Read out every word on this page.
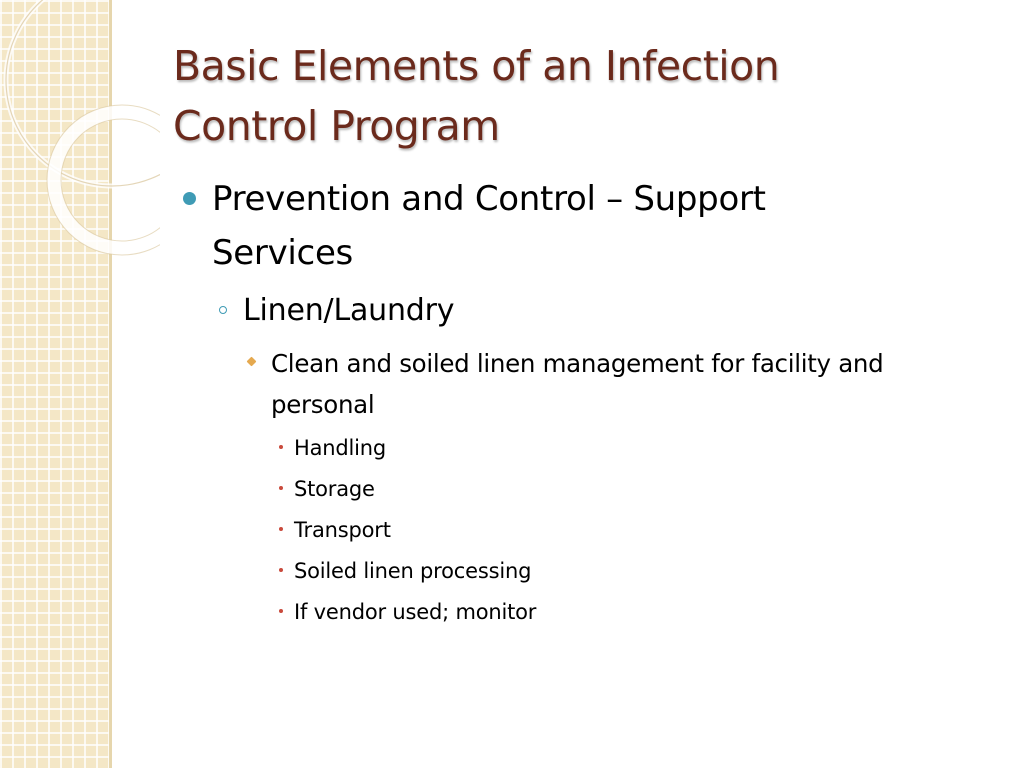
Basic Elements of an Infection
Control Program
Prevention and Control – Support
Services
Linen/Laundry
Clean and soiled linen management for facility and
personal
Handling
Storage
Transport
Soiled linen processing
If vendor used; monitor
